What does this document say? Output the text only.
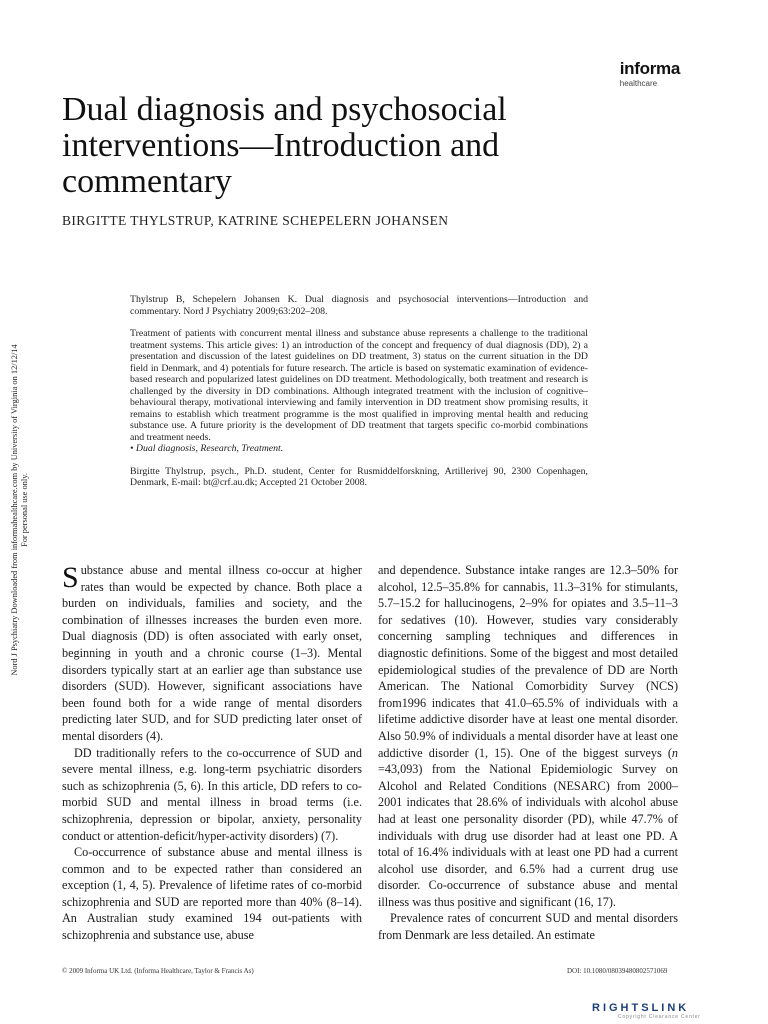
informa
healthcare
Dual diagnosis and psychosocial interventions—Introduction and commentary
BIRGITTE THYLSTRUP, KATRINE SCHEPELERN JOHANSEN
Nord J Psychiatry Downloaded from informahealthcare.com by University of Virginia on 12/12/14 For personal use only.

Thylstrup B, Schepelern Johansen K. Dual diagnosis and psychosocial interventions—Introduction and commentary. Nord J Psychiatry 2009;63:202–208.

Treatment of patients with concurrent mental illness and substance abuse represents a challenge to the traditional treatment systems. This article gives: 1) an introduction of the concept and frequency of dual diagnosis (DD), 2) a presentation and discussion of the latest guidelines on DD treatment, 3) status on the current situation in the DD field in Denmark, and 4) potentials for future research. The article is based on systematic examination of evidence-based research and popularized latest guidelines on DD treatment. Methodologically, both treatment and research is challenged by the diversity in DD combinations. Although integrated treatment with the inclusion of cognitive–behavioural therapy, motivational interviewing and family intervention in DD treatment show promising results, it remains to establish which treatment programme is the most qualified in improving mental health and reducing substance use. A future priority is the development of DD treatment that targets specific co-morbid combinations and treatment needs.

• Dual diagnosis, Research, Treatment.

Birgitte Thylstrup, psych., Ph.D. student, Center for Rusmiddelforskning, Artillerivej 90, 2300 Copenhagen, Denmark, E-mail: bt@crf.au.dk; Accepted 21 October 2008.

Substance abuse and mental illness co-occur at higher rates than would be expected by chance. Both place a burden on individuals, families and society, and the combination of illnesses increases the burden even more. Dual diagnosis (DD) is often associated with early onset, beginning in youth and a chronic course (1–3). Mental disorders typically start at an earlier age than substance use disorders (SUD). However, significant associations have been found both for a wide range of mental disorders predicting later SUD, and for SUD predicting later onset of mental disorders (4).

DD traditionally refers to the co-occurrence of SUD and severe mental illness, e.g. long-term psychiatric disorders such as schizophrenia (5, 6). In this article, DD refers to co-morbid SUD and mental illness in broad terms (i.e. schizophrenia, depression or bipolar, anxiety, personality conduct or attention-deficit/hyper-activity disorders) (7).

Co-occurrence of substance abuse and mental illness is common and to be expected rather than considered an exception (1, 4, 5). Prevalence of lifetime rates of co-morbid schizophrenia and SUD are reported more than 40% (8–14). An Australian study examined 194 out-patients with schizophrenia and substance use, abuse

and dependence. Substance intake ranges are 12.3–50% for alcohol, 12.5–35.8% for cannabis, 11.3–31% for stimulants, 5.7–15.2 for hallucinogens, 2–9% for opiates and 3.5–11–3 for sedatives (10). However, studies vary considerably concerning sampling techniques and differences in diagnostic definitions. Some of the biggest and most detailed epidemiological studies of the prevalence of DD are North American. The National Comorbidity Survey (NCS) from1996 indicates that 41.0–65.5% of individuals with a lifetime addictive disorder have at least one mental disorder. Also 50.9% of individuals a mental disorder have at least one addictive disorder (1, 15). One of the biggest surveys (n =43,093) from the National Epidemiologic Survey on Alcohol and Related Conditions (NESARC) from 2000–2001 indicates that 28.6% of individuals with alcohol abuse had at least one personality disorder (PD), while 47.7% of individuals with drug use disorder had at least one PD. A total of 16.4% individuals with at least one PD had a current alcohol use disorder, and 6.5% had a current drug use disorder. Co-occurrence of substance abuse and mental illness was thus positive and significant (16, 17).

Prevalence rates of concurrent SUD and mental disorders from Denmark are less detailed. An estimate

© 2009 Informa UK Ltd. (Informa Healthcare, Taylor & Francis As)	DOI: 10.1080/08039480802571069
RIGHTSLINK
Copyright Clearance Center
